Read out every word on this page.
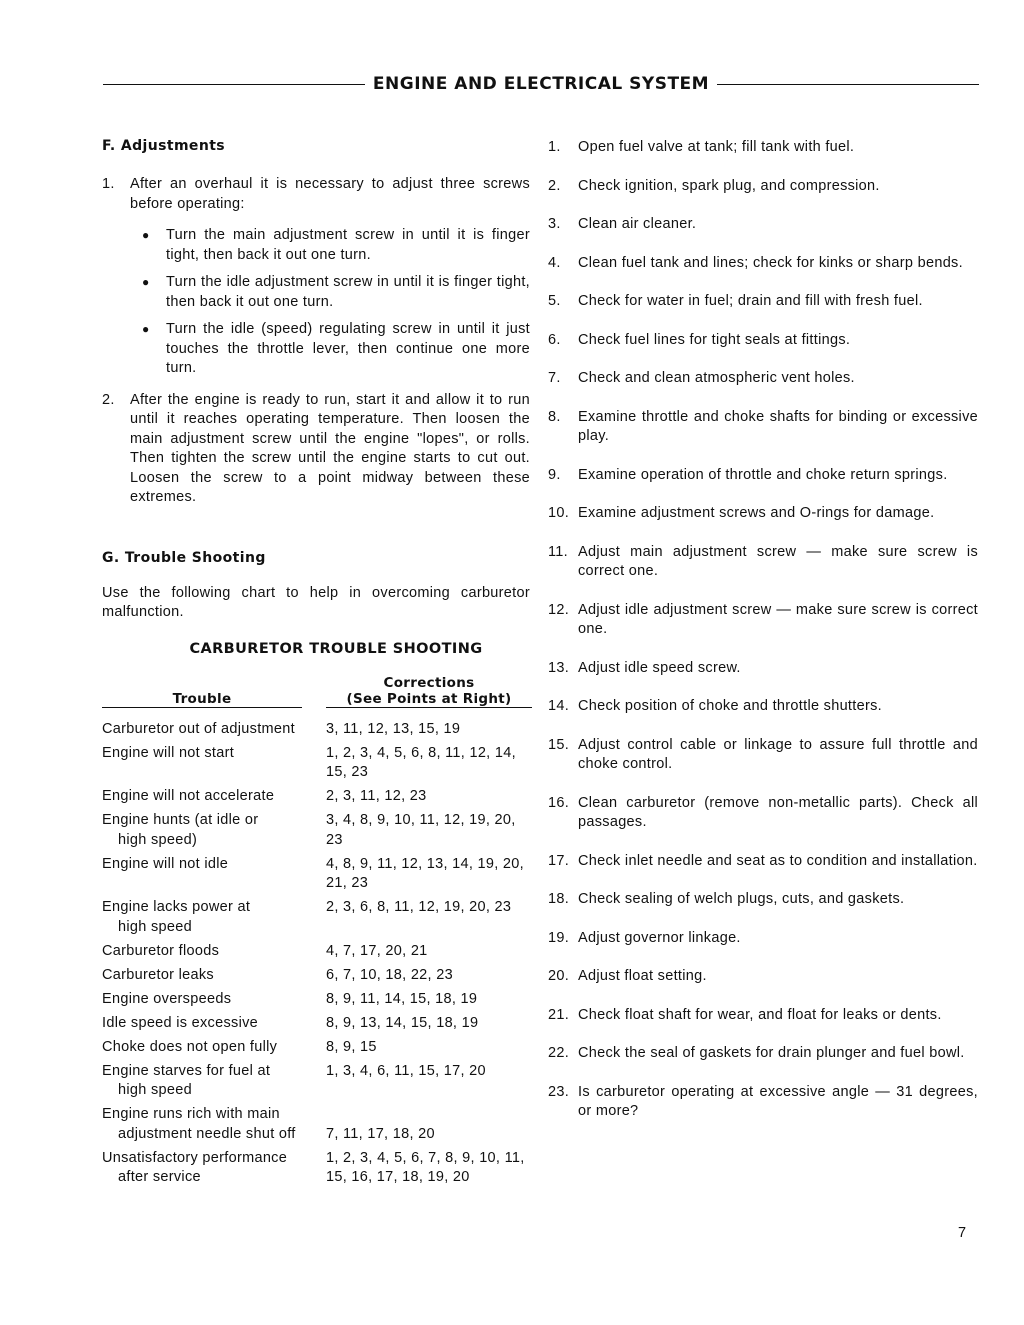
ENGINE AND ELECTRICAL SYSTEM
F. Adjustments
1.	After an overhaul it is necessary to adjust three screws before operating:
●	Turn the main adjustment screw in until it is finger tight, then back it out one turn.
●	Turn the idle adjustment screw in until it is finger tight, then back it out one turn.
●	Turn the idle (speed) regulating screw in until it just touches the throttle lever, then continue one more turn.
2.	After the engine is ready to run, start it and allow it to run until it reaches operating temperature. Then loosen the main adjustment screw until the engine "lopes", or rolls. Then tighten the screw until the engine starts to cut out. Loosen the screw to a point midway between these extremes.
G. Trouble Shooting

Use the following chart to help in overcoming carburetor malfunction.

CARBURETOR TROUBLE SHOOTING
Trouble	Corrections
(See Points at Right)

Carburetor out of adjustment	3, 11, 12, 13, 15, 19
Engine will not start	1, 2, 3, 4, 5, 6, 8, 11, 12, 14, 15, 23
Engine will not accelerate	2, 3, 11, 12, 23
Engine hunts (at idle or
high speed)	3, 4, 8, 9, 10, 11, 12, 19, 20, 23
Engine will not idle	4, 8, 9, 11, 12, 13, 14, 19, 20, 21, 23
Engine lacks power at
high speed	2, 3, 6, 8, 11, 12, 19, 20, 23
Carburetor floods	4, 7, 17, 20, 21
Carburetor leaks	6, 7, 10, 18, 22, 23
Engine overspeeds	8, 9, 11, 14, 15, 18, 19
Idle speed is excessive	8, 9, 13, 14, 15, 18, 19
Choke does not open fully	8, 9, 15
Engine starves for fuel at
high speed	1, 3, 4, 6, 11, 15, 17, 20
Engine runs rich with main
adjustment needle shut off	7, 11, 17, 18, 20
Unsatisfactory performance
after service	1, 2, 3, 4, 5, 6, 7, 8, 9, 10, 11, 15, 16, 17, 18, 19, 20
1.	Open fuel valve at tank; fill tank with fuel.
2.	Check ignition, spark plug, and compression.
3.	Clean air cleaner.
4.	Clean fuel tank and lines; check for kinks or sharp bends.
5.	Check for water in fuel; drain and fill with fresh fuel.
6.	Check fuel lines for tight seals at fittings.
7.	Check and clean atmospheric vent holes.
8.	Examine throttle and choke shafts for binding or excessive play.
9.	Examine operation of throttle and choke return springs.
10. Examine adjustment screws and O-rings for damage.
11. Adjust main adjustment screw — make sure screw is correct one.
12. Adjust idle adjustment screw — make sure screw is correct one.
13. Adjust idle speed screw.
14. Check position of choke and throttle shutters.
15. Adjust control cable or linkage to assure full throttle and choke control.
16. Clean carburetor (remove non-metallic parts). Check all passages.
17. Check inlet needle and seat as to condition and installation.
18. Check sealing of welch plugs, cuts, and gaskets.
19. Adjust governor linkage.
20. Adjust float setting.
21. Check float shaft for wear, and float for leaks or dents.
22. Check the seal of gaskets for drain plunger and fuel bowl.
23. Is carburetor operating at excessive angle — 31 degrees, or more?
7
